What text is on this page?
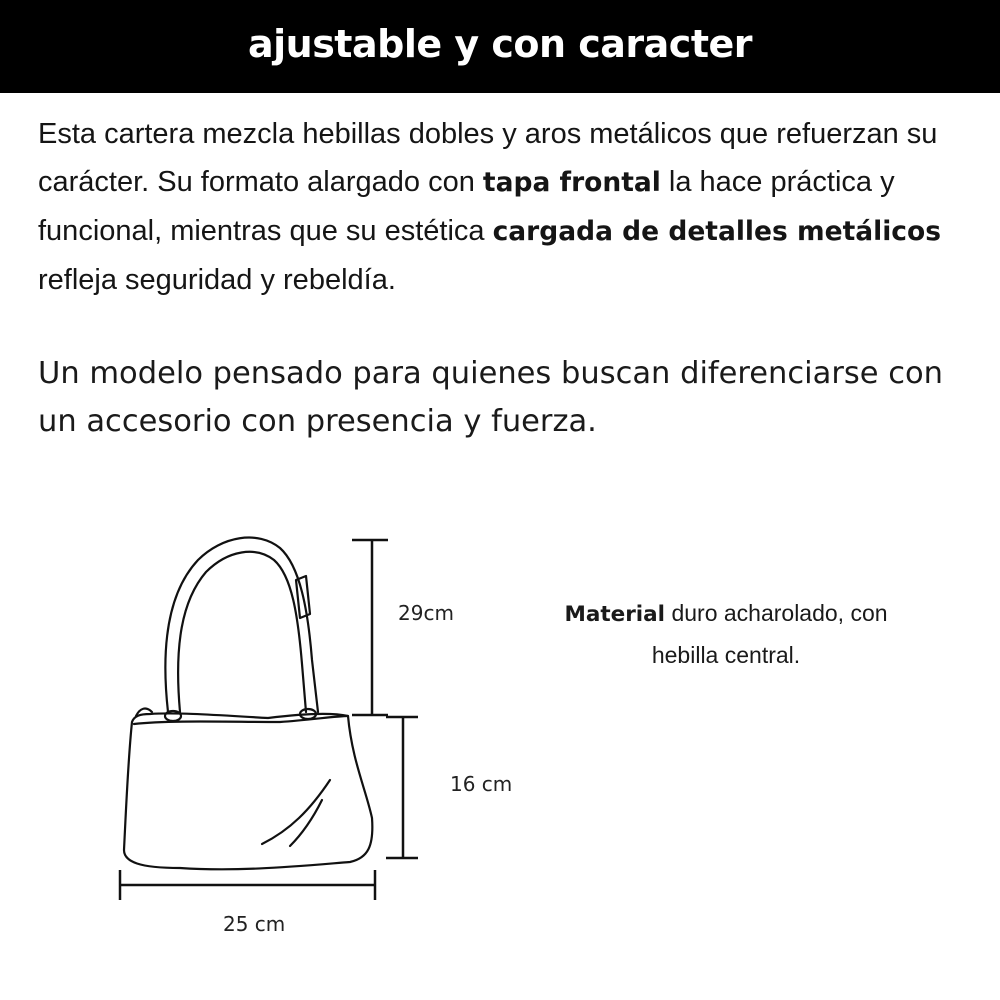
ajustable y con caracter
Esta cartera mezcla hebillas dobles y aros metálicos que refuerzan su carácter. Su formato alargado con tapa frontal la hace práctica y funcional, mientras que su estética cargada de detalles metálicos refleja seguridad y rebeldía.
Un modelo pensado para quienes buscan diferenciarse con un accesorio con presencia y fuerza.
29cm
16 cm
25 cm
Material duro acharolado, con hebilla central.
